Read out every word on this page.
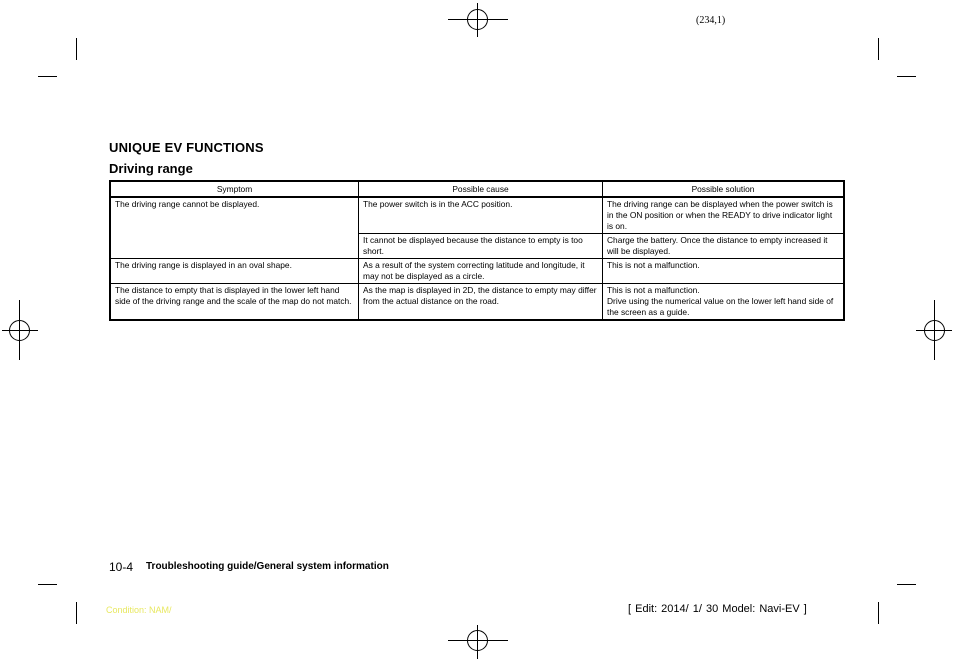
(234,1)
UNIQUE EV FUNCTIONS
Driving range
Symptom	Possible cause	Possible solution
The driving range cannot be displayed.	The power switch is in the ACC position.	The driving range can be displayed when the power switch is in the ON position or when the READY to drive indicator light is on.
	It cannot be displayed because the distance to empty is too short.	Charge the battery. Once the distance to empty increased it will be displayed.
The driving range is displayed in an oval shape.	As a result of the system correcting latitude and longitude, it may not be displayed as a circle.	This is not a malfunction.
The distance to empty that is displayed in the lower left hand side of the driving range and the scale of the map do not match.	As the map is displayed in 2D, the distance to empty may differ from the actual distance on the road.	This is not a malfunction.
Drive using the numerical value on the lower left hand side of the screen as a guide.
10-4 Troubleshooting guide/General system information
Condition: NAM/	[ Edit: 2014/ 1/ 30 Model: Navi-EV ]
